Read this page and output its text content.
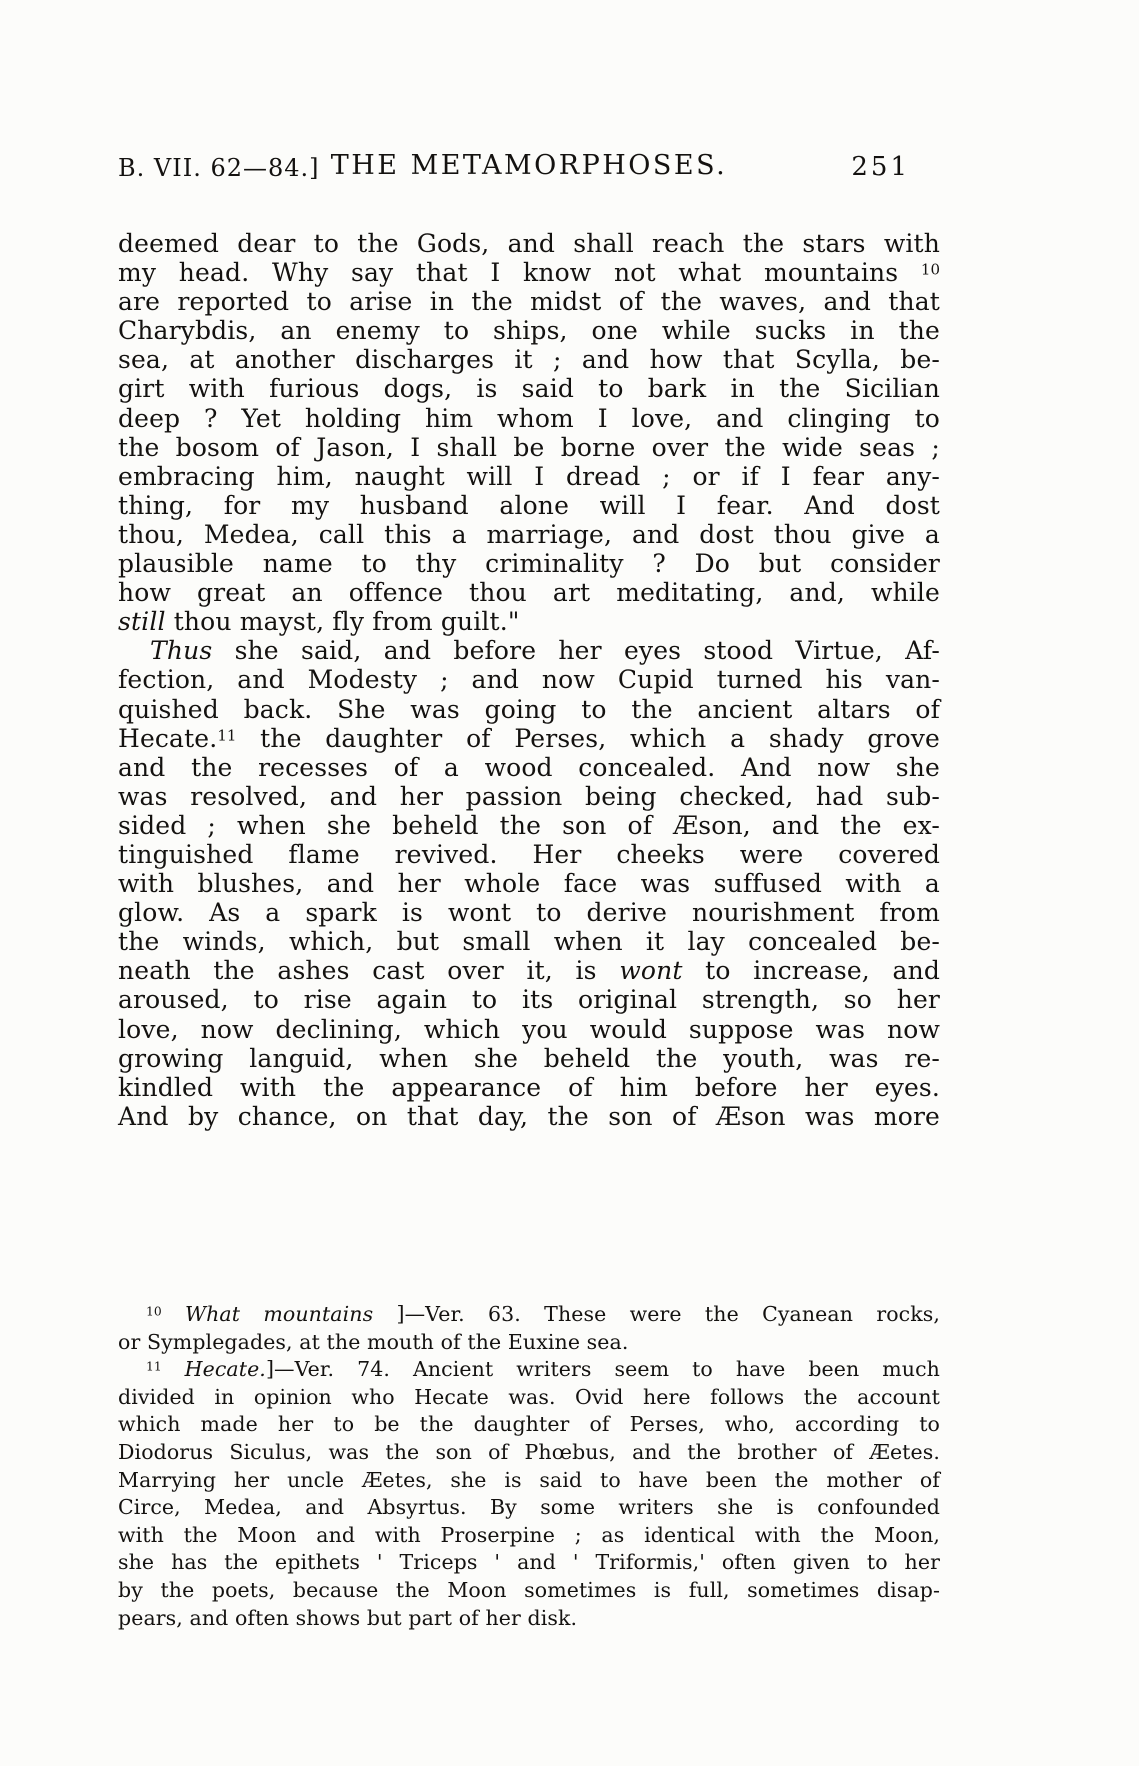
B. VII. 62—84.] THE METAMORPHOSES.	251
deemed dear to the Gods, and shall reach the stars with
my head. Why say that I know not what mountains $^{10}$
are reported to arise in the midst of the waves, and that
Charybdis, an enemy to ships, one while sucks in the
sea, at another discharges it ; and how that Scylla, be-
girt with furious dogs, is said to bark in the Sicilian
deep ? Yet holding him whom I love, and clinging to
the bosom of Jason, I shall be borne over the wide seas ;
embracing him, naught will I dread ; or if I fear any-
thing, for my husband alone will I fear. And dost
thou, Medea, call this a marriage, and dost thou give a
plausible name to thy criminality ? Do but consider
how great an offence thou art meditating, and, while
still thou mayst, fly from guilt."
Thus she said, and before her eyes stood Virtue, Af-
fection, and Modesty ; and now Cupid turned his van-
quished back. She was going to the ancient altars of
Hecate.$^{11}$ the daughter of Perses, which a shady grove
and the recesses of a wood concealed. And now she
was resolved, and her passion being checked, had sub-
sided ; when she beheld the son of Æson, and the ex-
tinguished flame revived. Her cheeks were covered
with blushes, and her whole face was suffused with a
glow. As a spark is wont to derive nourishment from
the winds, which, but small when it lay concealed be-
neath the ashes cast over it, is wont to increase, and
aroused, to rise again to its original strength, so her
love, now declining, which you would suppose was now
growing languid, when she beheld the youth, was re-
kindled with the appearance of him before her eyes.
And by chance, on that day, the son of Æson was more
$^{10}$ What mountains ]—Ver. 63. These were the Cyanean rocks,
or Symplegades, at the mouth of the Euxine sea.
$^{11}$ Hecate.]—Ver. 74. Ancient writers seem to have been much
divided in opinion who Hecate was. Ovid here follows the account
which made her to be the daughter of Perses, who, according to
Diodorus Siculus, was the son of Phœbus, and the brother of Æetes.
Marrying her uncle Æetes, she is said to have been the mother of
Circe, Medea, and Absyrtus. By some writers she is confounded
with the Moon and with Proserpine ; as identical with the Moon,
she has the epithets ' Triceps ' and ' Triformis,' often given to her
by the poets, because the Moon sometimes is full, sometimes disap-
pears, and often shows but part of her disk.
